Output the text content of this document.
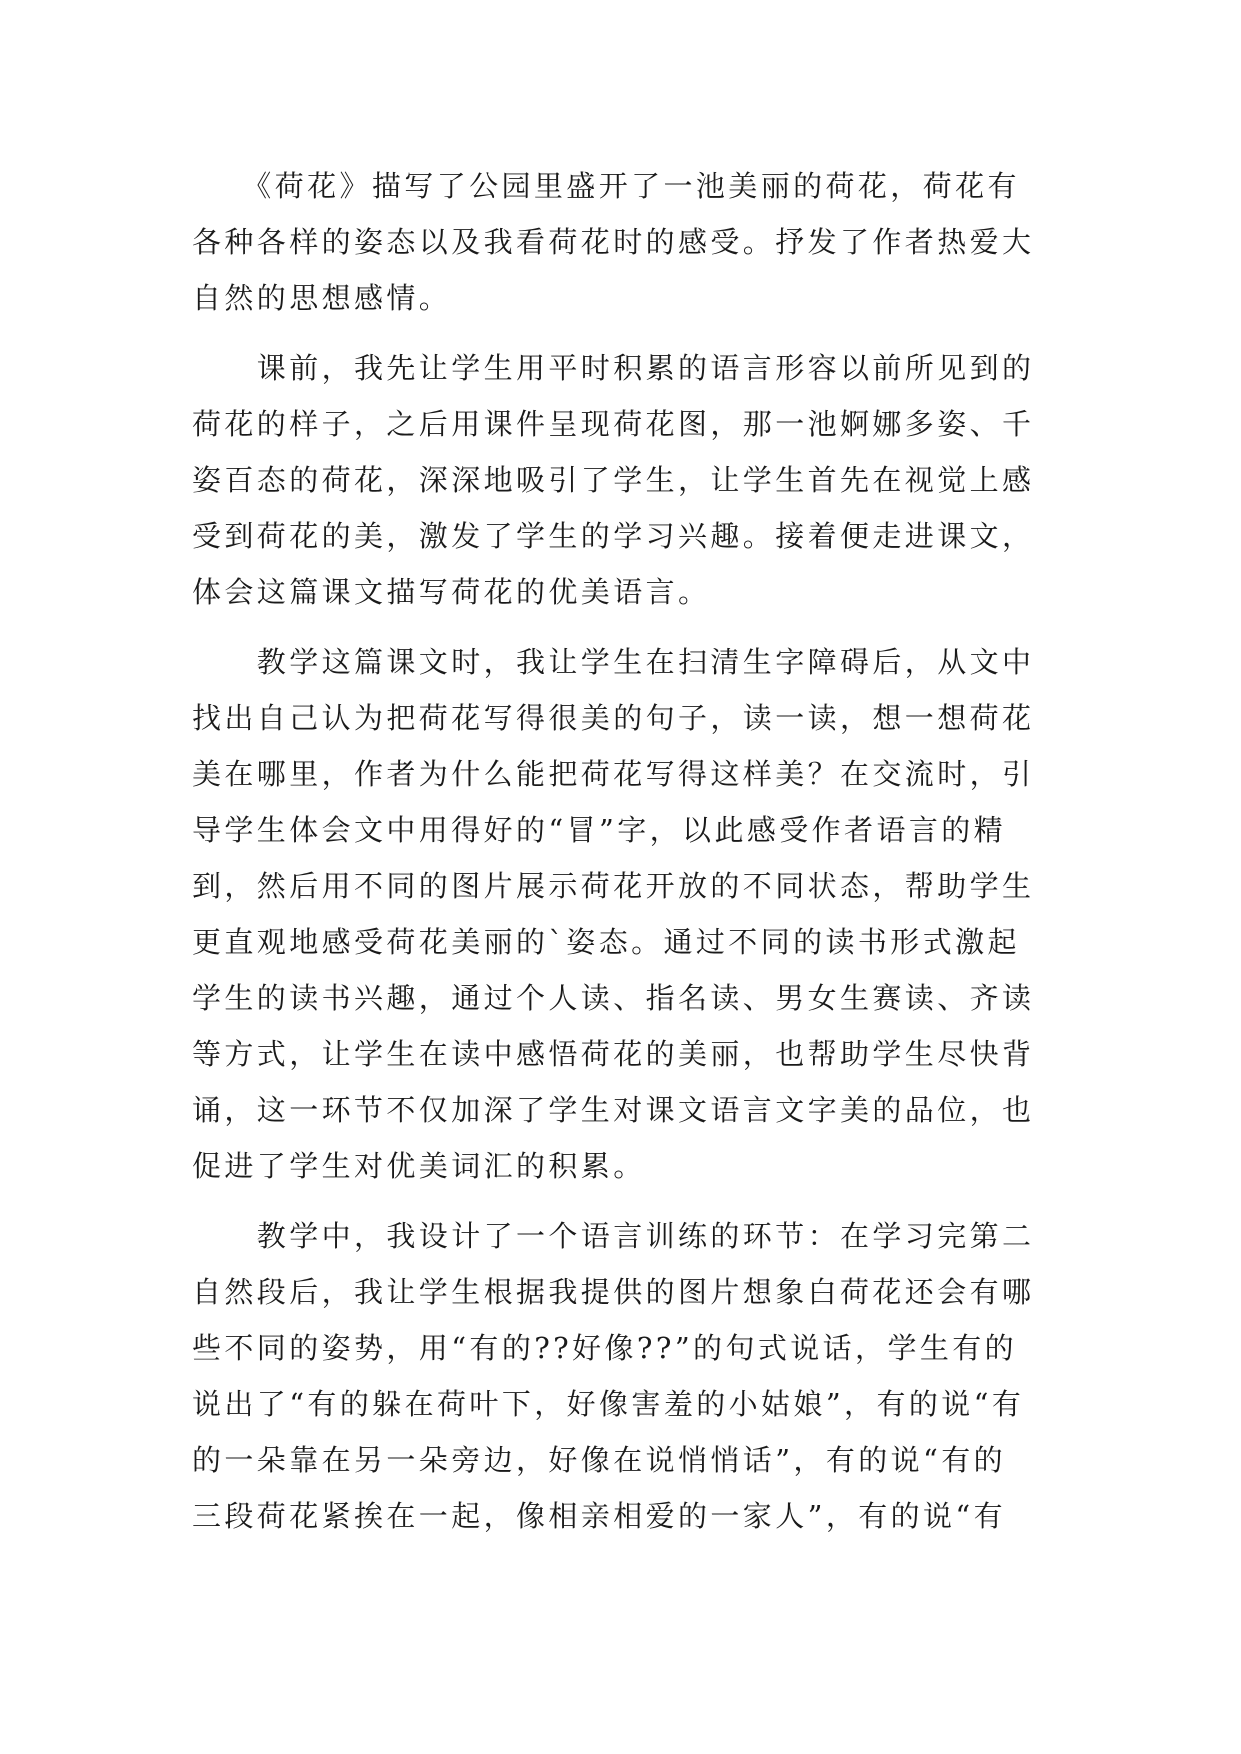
　　《荷花》描写了公园里盛开了一池美丽的荷花，荷花有
各种各样的姿态以及我看荷花时的感受。抒发了作者热爱大
自然的思想感情。
　　课前，我先让学生用平时积累的语言形容以前所见到的
荷花的样子，之后用课件呈现荷花图，那一池婀娜多姿、千
姿百态的荷花，深深地吸引了学生，让学生首先在视觉上感
受到荷花的美，激发了学生的学习兴趣。接着便走进课文，
体会这篇课文描写荷花的优美语言。
　　教学这篇课文时，我让学生在扫清生字障碍后，从文中
找出自己认为把荷花写得很美的句子，读一读，想一想荷花
美在哪里，作者为什么能把荷花写得这样美？在交流时，引
导学生体会文中用得好的“冒”字，以此感受作者语言的精
到，然后用不同的图片展示荷花开放的不同状态，帮助学生
更直观地感受荷花美丽的`姿态。通过不同的读书形式激起
学生的读书兴趣，通过个人读、指名读、男女生赛读、齐读
等方式，让学生在读中感悟荷花的美丽，也帮助学生尽快背
诵，这一环节不仅加深了学生对课文语言文字美的品位，也
促进了学生对优美词汇的积累。
　　教学中，我设计了一个语言训练的环节：在学习完第二
自然段后，我让学生根据我提供的图片想象白荷花还会有哪
些不同的姿势，用“有的??好像??”的句式说话，学生有的
说出了“有的躲在荷叶下，好像害羞的小姑娘”，有的说“有
的一朵靠在另一朵旁边，好像在说悄悄话”，有的说“有的
三段荷花紧挨在一起，像相亲相爱的一家人”，有的说“有
